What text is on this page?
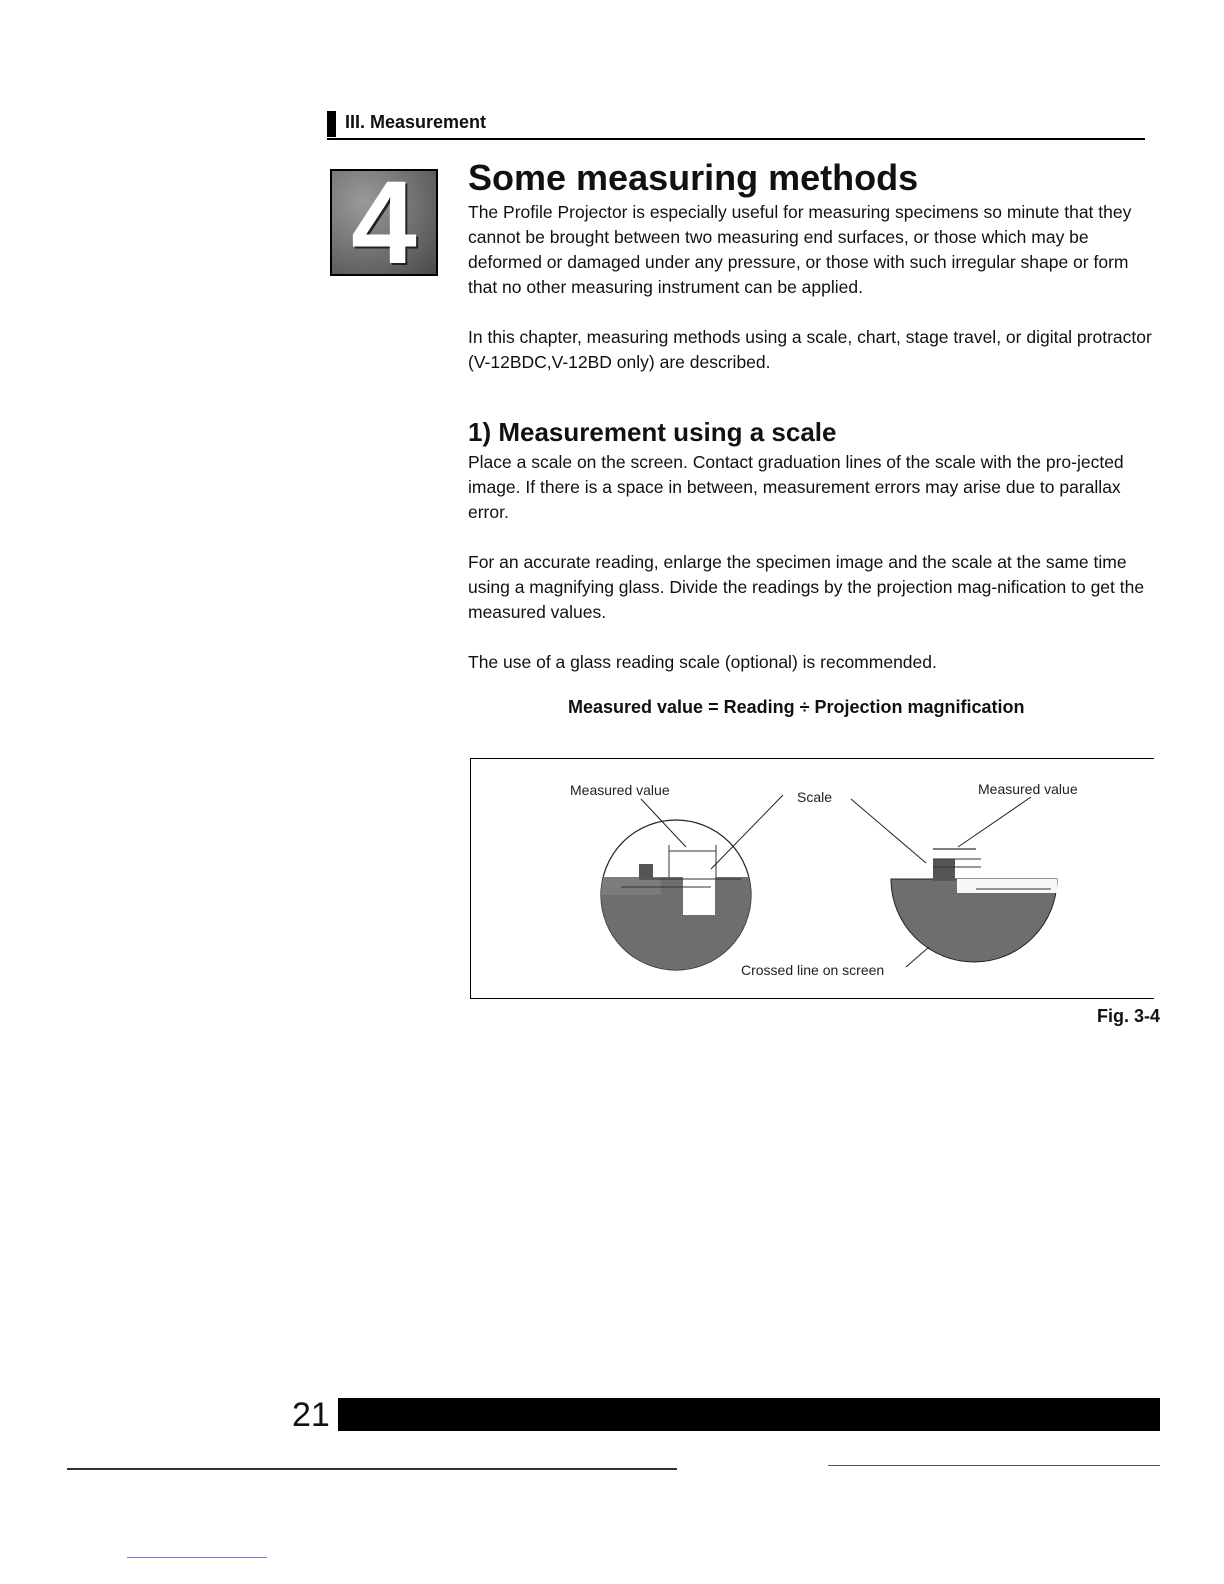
III. Measurement
4	Some measuring methods

The Profile Projector is especially useful for measuring specimens so minute that they cannot be brought between two measuring end surfaces, or those which may be deformed or damaged under any pressure, or those with such irregular shape or form that no other measuring instrument can be applied.

In this chapter, measuring methods using a scale, chart, stage travel, or digital protractor (V-12BDC,V-12BD only) are described.

1) Measurement using a scale

Place a scale on the screen. Contact graduation lines of the scale with the pro-jected image. If there is a space in between, measurement errors may arise due to parallax error.

For an accurate reading, enlarge the specimen image and the scale at the same time using a magnifying glass. Divide the readings by the projection mag-nification to get the measured values.

The use of a glass reading scale (optional) is recommended.

Measured value = Reading ÷ Projection magnification
Measured value	Scale	Measured value
Crossed line on screen
Fig. 3-4
21
